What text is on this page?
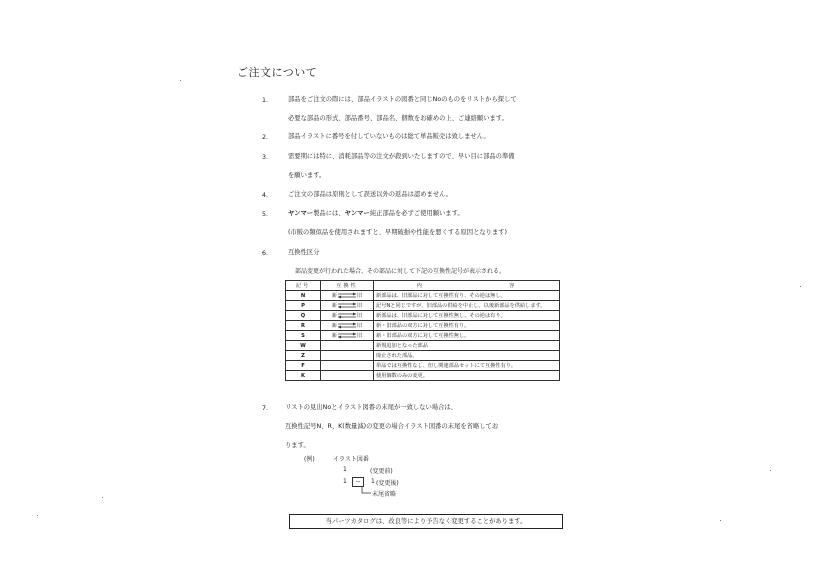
ご注文について
1.	部品をご注文の際には、部品イラストの図番と同じNoのものをリストから探して
必要な部品の形式、部品番号、部品名、個数をお確めの上、ご連絡願います。
2.	部品イラストに番号を付していないものは総て単品販売は致しません。
3.	需要期には特に、消耗部品等の注文が殺到いたしますので、早い目に部品の準備
を願います。
4.	ご注文の部品は原則として誤送以外の返品は認めません。
5.	ヤンマー製品には、ヤンマー純正部品を必ずご使用願います。
(市販の類似品を使用されますと、早期破損や性能を悪くする原因となります)
6.	互換性区分
部品変更が行われた場合、その部品に対して下記の互換性記号が表示される。
記号	互換性	内	容
N	新 旧	新部品は、旧部品に対して互換性有り、その逆は無し。	
P	新 旧	記号Nと同じですが、旧部品の供給を中止し、以後新部品を供給します。	
Q	新 旧	新部品は、旧部品に対して互換性無し、その逆は有り。	
R	新 旧	新・旧部品の双方に対して互換性有り。	
S	新 旧	新・旧部品の双方に対して互換性無し。	
W		新規追加となった部品	
Z		廃止された部品。	
F		単品では互換性なし、但し関連部品セットにて互換性有り。	
K		使用個数のみの変更。	
7.	リストの見出Noとイラスト図番の末尾が一致しない場合は、
互換性記号N、R、K(数量減)の変更の場合イラスト図番の末尾を省略してお
ります。
(例)	イラスト図番
1	(変更前)
1	--	1 (変更後)
末尾省略
当パーツカタログは、改良等により予告なく変更することがあります。
